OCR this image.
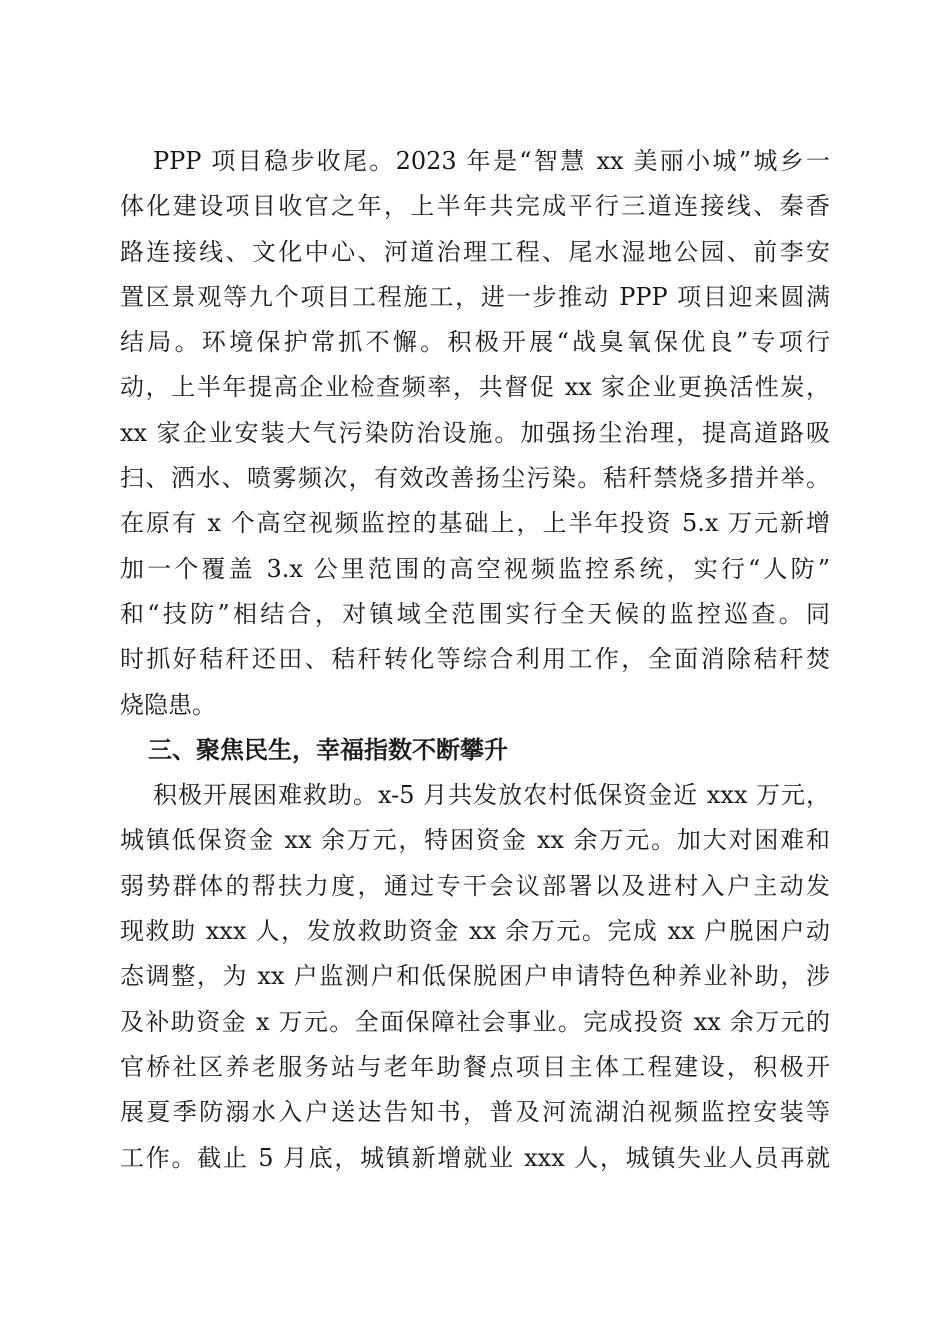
PPP 项目稳步收尾。2023 年是“智慧 xx 美丽小城”城乡一
体化建设项目收官之年，上半年共完成平行三道连接线、秦香
路连接线、文化中心、河道治理工程、尾水湿地公园、前李安
置区景观等九个项目工程施工，进一步推动 PPP 项目迎来圆满
结局。环境保护常抓不懈。积极开展“战臭氧保优良”专项行
动，上半年提高企业检查频率，共督促 xx 家企业更换活性炭，
xx 家企业安装大气污染防治设施。加强扬尘治理，提高道路吸
扫、洒水、喷雾频次，有效改善扬尘污染。秸秆禁烧多措并举。
在原有 x 个高空视频监控的基础上，上半年投资 5.x 万元新增
加一个覆盖 3.x 公里范围的高空视频监控系统，实行“人防”
和“技防”相结合，对镇域全范围实行全天候的监控巡查。同
时抓好秸秆还田、秸秆转化等综合利用工作，全面消除秸秆焚
烧隐患。
三、聚焦民生，幸福指数不断攀升
积极开展困难救助。x-5 月共发放农村低保资金近 xxx 万元，
城镇低保资金 xx 余万元，特困资金 xx 余万元。加大对困难和
弱势群体的帮扶力度，通过专干会议部署以及进村入户主动发
现救助 xxx 人，发放救助资金 xx 余万元。完成 xx 户脱困户动
态调整，为 xx 户监测户和低保脱困户申请特色种养业补助，涉
及补助资金 x 万元。全面保障社会事业。完成投资 xx 余万元的
官桥社区养老服务站与老年助餐点项目主体工程建设，积极开
展夏季防溺水入户送达告知书，普及河流湖泊视频监控安装等
工作。截止 5 月底，城镇新增就业 xxx 人，城镇失业人员再就
